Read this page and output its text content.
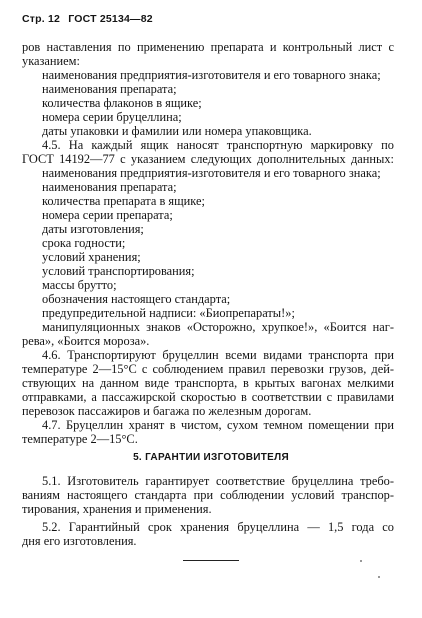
Стр. 12 ГОСТ 25134—82
ров наставления по применению препарата и контрольный лист с
указанием:
наименования предприятия-изготовителя и его товарного знака;
наименования препарата;
количества флаконов в ящике;
номера серии бруцеллина;
даты упаковки и фамилии или номера упаковщика.
4.5. На каждый ящик наносят транспортную маркировку по
ГОСТ 14192—77 с указанием следующих дополнительных данных:
наименования предприятия-изготовителя и его товарного знака;
наименования препарата;
количества препарата в ящике;
номера серии препарата;
даты изготовления;
срока годности;
условий хранения;
условий транспортирования;
массы брутто;
обозначения настоящего стандарта;
предупредительной надписи: «Биопрепараты!»;
манипуляционных знаков «Осторожно, хрупкое!», «Боится наг-
рева», «Боится мороза».
4.6. Транспортируют бруцеллин всеми видами транспорта при
температуре 2—15°С с соблюдением правил перевозки грузов, дей-
ствующих на данном виде транспорта, в крытых вагонах мелкими
отправками, а пассажирской скоростью в соответствии с правилами
перевозок пассажиров и багажа по железным дорогам.
4.7. Бруцеллин хранят в чистом, сухом темном помещении при
температуре 2—15°С.
5. ГАРАНТИИ ИЗГОТОВИТЕЛЯ
5.1. Изготовитель гарантирует соответствие бруцеллина требо-
ваниям настоящего стандарта при соблюдении условий транспор-
тирования, хранения и применения.
5.2. Гарантийный срок хранения бруцеллина — 1,5 года со
дня его изготовления.
